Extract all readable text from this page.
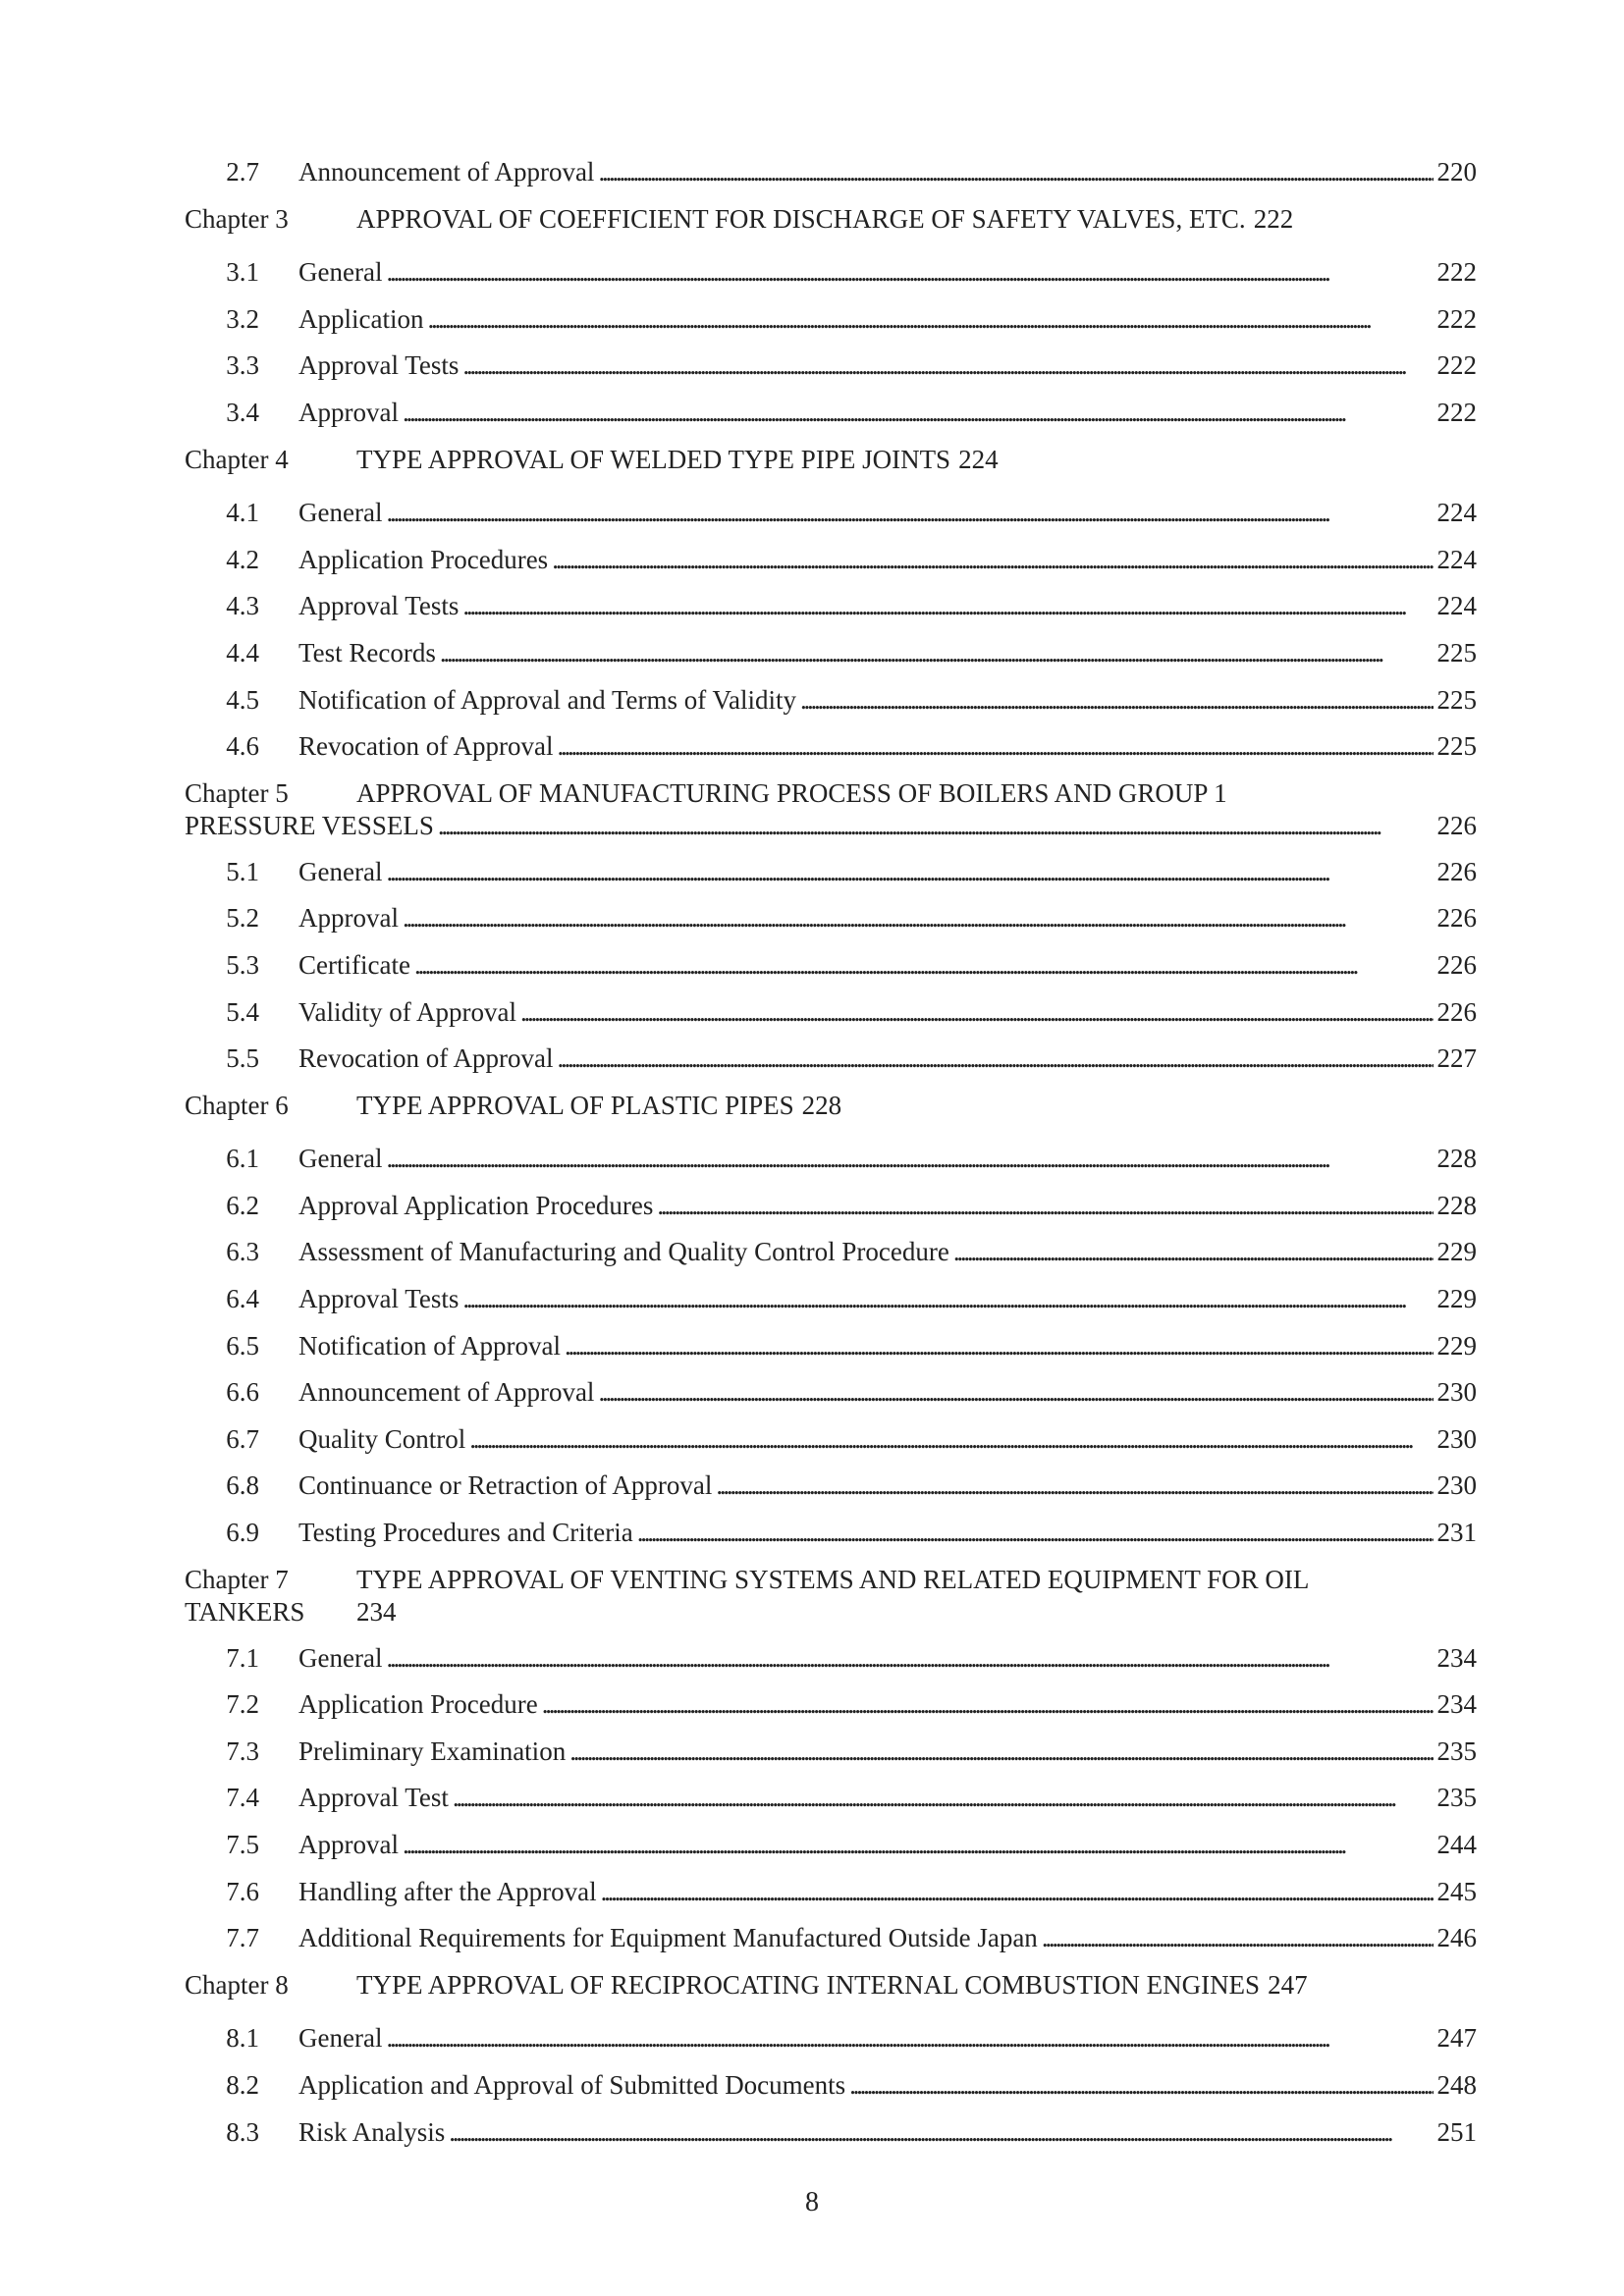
2.7 Announcement of Approval . . .	220
Chapter 3	APPROVAL OF COEFFICIENT FOR DISCHARGE OF SAFETY VALVES, ETC. 222
3.1 General . . .	222
3.2 Application . . .	222
3.3 Approval Tests . . .	222
3.4 Approval . . .	222
Chapter 4	TYPE APPROVAL OF WELDED TYPE PIPE JOINTS 224
4.1 General . . .	224
4.2 Application Procedures . . .	224
4.3 Approval Tests . . .	224
4.4 Test Records . . .	225
4.5 Notification of Approval and Terms of Validity . . .	225
4.6 Revocation of Approval . . .	225
Chapter 5	APPROVAL OF MANUFACTURING PROCESS OF BOILERS AND GROUP 1
PRESSURE VESSELS . . .	226
5.1 General . . .	226
5.2 Approval . . .	226
5.3 Certificate . . .	226
5.4 Validity of Approval . . .	226
5.5 Revocation of Approval . . .	227
Chapter 6	TYPE APPROVAL OF PLASTIC PIPES 228
6.1 General . . .	228
6.2 Approval Application Procedures . . .	228
6.3 Assessment of Manufacturing and Quality Control Procedure . . .	229
6.4 Approval Tests . . .	229
6.5 Notification of Approval . . .	229
6.6 Announcement of Approval . . .	230
6.7 Quality Control . . .	230
6.8 Continuance or Retraction of Approval . . .	230
6.9 Testing Procedures and Criteria . . .	231
Chapter 7	TYPE APPROVAL OF VENTING SYSTEMS AND RELATED EQUIPMENT FOR OIL
TANKERS	234
7.1 General . . .	234
7.2 Application Procedure . . .	234
7.3 Preliminary Examination . . .	235
7.4 Approval Test . . .	235
7.5 Approval . . .	244
7.6 Handling after the Approval . . .	245
7.7 Additional Requirements for Equipment Manufactured Outside Japan . . .	246
Chapter 8	TYPE APPROVAL OF RECIPROCATING INTERNAL COMBUSTION ENGINES 247
8.1 General . . .	247
8.2 Application and Approval of Submitted Documents . . .	248
8.3 Risk Analysis . . .	251
8
